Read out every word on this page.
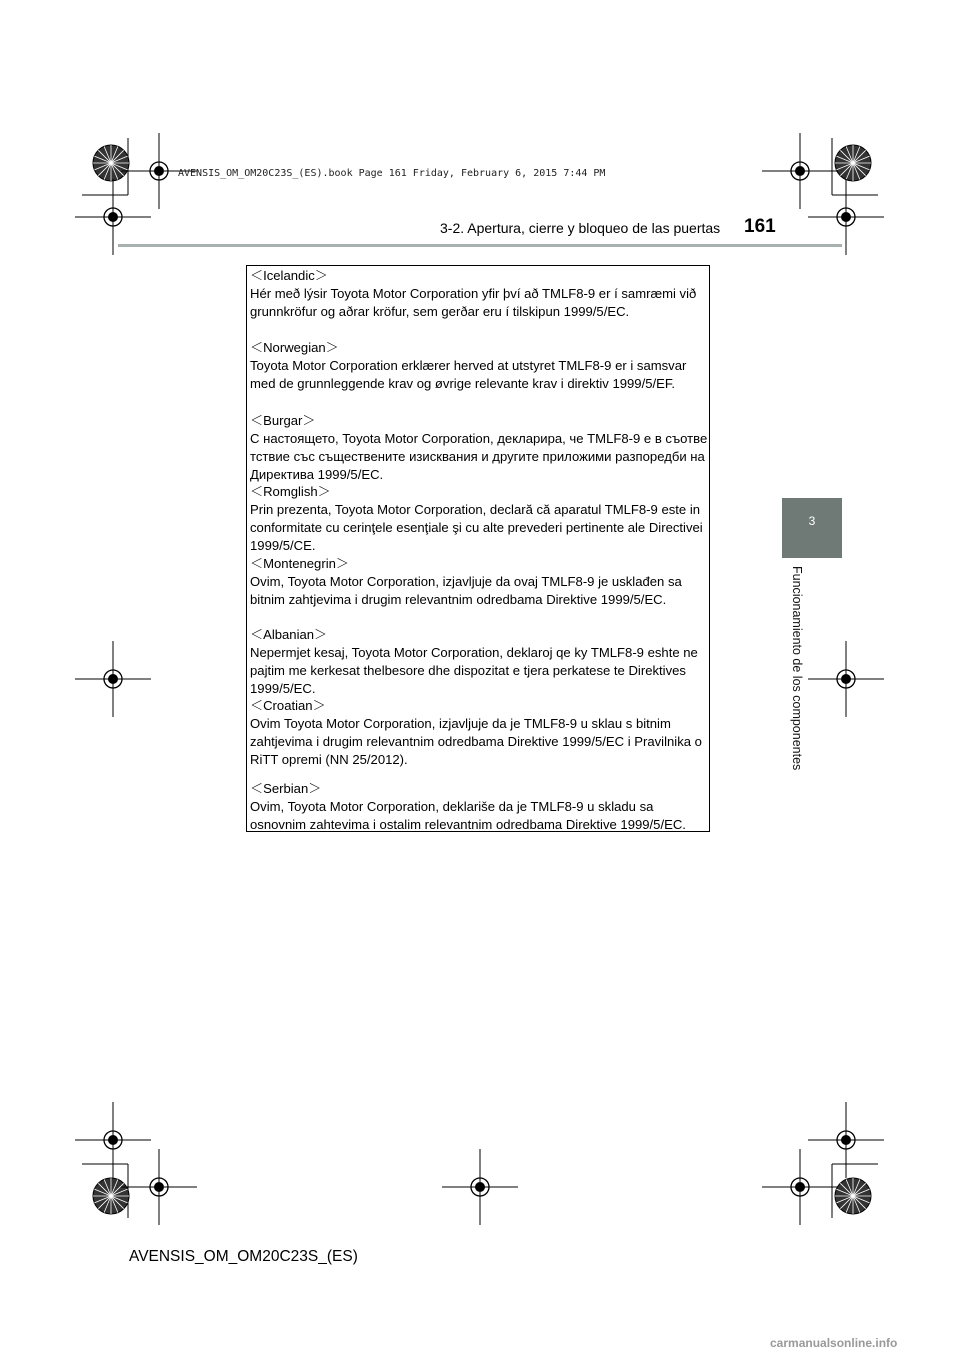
AVENSIS_OM_OM20C23S_(ES).book Page 161 Friday, February 6, 2015 7:44 PM
3-2. Apertura, cierre y bloqueo de las puertas 161
3
Funcionamiento de los componentes
＜Icelandic＞
Hér með lýsir Toyota Motor Corporation yfir því að TMLF8-9 er í samræmi við
grunnkröfur og aðrar kröfur, sem gerðar eru í tilskipun 1999/5/EC.
＜Norwegian＞
Toyota Motor Corporation erklærer herved at utstyret TMLF8-9 er i samsvar
med de grunnleggende krav og øvrige relevante krav i direktiv 1999/5/EF.
＜Burgar＞
С настоящето, Toyota Motor Corporation, декларира, че TMLF8-9 е в съотве
тствие със съществените изисквания и другите приложими разпоредби на
Директива 1999/5/EC.
＜Romglish＞
Prin prezenta, Toyota Motor Corporation, declară că aparatul TMLF8-9 este in
conformitate cu cerinţele esenţiale şi cu alte prevederi pertinente ale Directivei
1999/5/CE.
＜Montenegrin＞
Ovim, Toyota Motor Corporation, izjavljuje da ovaj TMLF8-9 je usklađen sa
bitnim zahtjevima i drugim relevantnim odredbama Direktive 1999/5/EC.
＜Albanian＞
Nepermjet kesaj, Toyota Motor Corporation, deklaroj qe ky TMLF8-9 eshte ne
pajtim me kerkesat thelbesore dhe dispozitat e tjera perkatese te Direktives
1999/5/EC.
＜Croatian＞
Ovim Toyota Motor Corporation, izjavljuje da je TMLF8-9 u sklau s bitnim
zahtjevima i drugim relevantnim odredbama Direktive 1999/5/EC i Pravilnika o
RiTT opremi (NN 25/2012).
＜Serbian＞
Ovim, Toyota Motor Corporation, deklariše da je TMLF8-9 u skladu sa
osnovnim zahtevima i ostalim relevantnim odredbama Direktive 1999/5/EC.
AVENSIS_OM_OM20C23S_(ES)
carmanualsonline.info
